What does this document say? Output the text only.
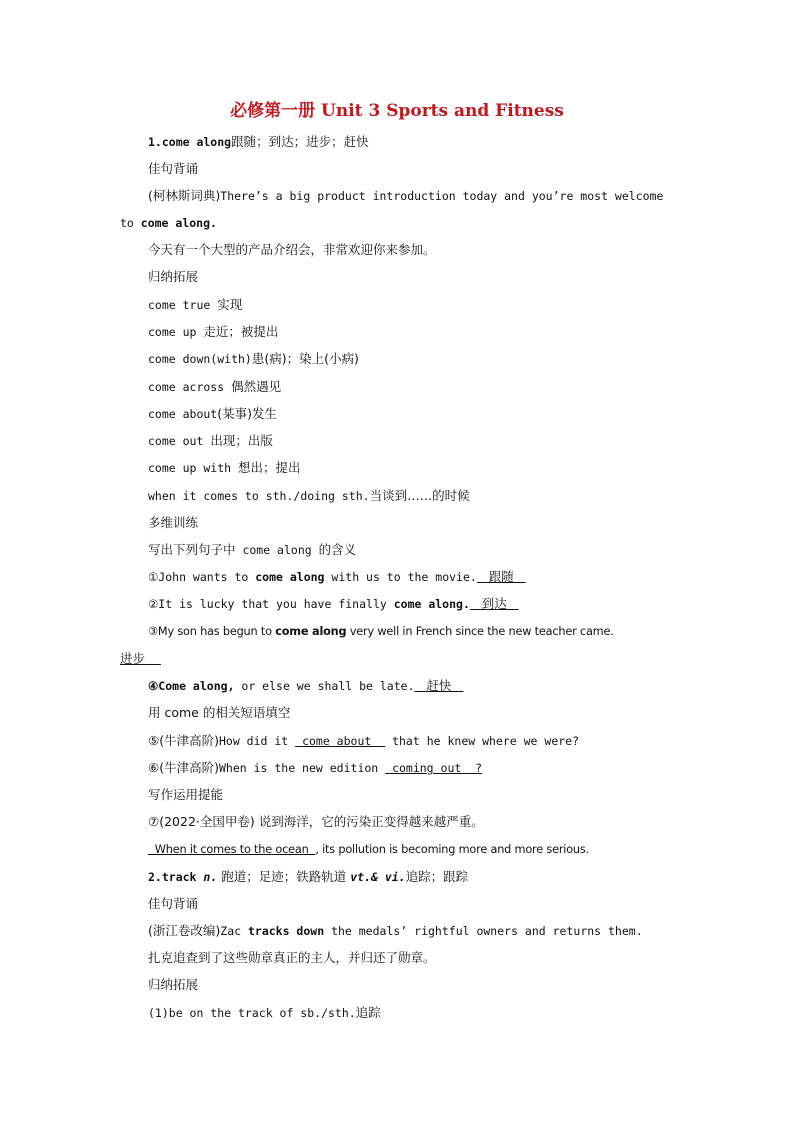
必修第一册 Unit 3 Sports and Fitness
1.come along跟随；到达；进步；赶快
佳句背诵
(柯林斯词典)There’s a big product introduction today and you’re most welcome
to come along.
今天有一个大型的产品介绍会，非常欢迎你来参加。
归纳拓展
come true 实现
come up 走近；被提出
come down(with)患(病)；染上(小病)
come across 偶然遇见
come about(某事)发生
come out 出现；出版
come up with 想出；提出
when it comes to sth./doing sth.当谈到……的时候
多维训练
写出下列句子中 come along 的含义
①John wants to come along with us to the movie.   跟随
②It is lucky that you have finally come along.   到达
③My son has begun to come along very well in French since the new teacher came.
进步
④Come along, or else we shall be late.   赶快
用 come 的相关短语填空
⑤(牛津高阶)How did it  come about   that he knew where we were?
⑥(牛津高阶)When is the new edition  coming out  ?
写作运用提能
⑦(2022·全国甲卷) 说到海洋，它的污染正变得越来越严重。
When it comes to the ocean  , its pollution is becoming more and more serious.
2.track n. 跑道；足迹；铁路轨道 vt.& vi.追踪；跟踪
佳句背诵
(浙江卷改编)Zac tracks down the medals’ rightful owners and returns them.
扎克追查到了这些勋章真正的主人，并归还了勋章。
归纳拓展
(1)be on the track of sb./sth.追踪
